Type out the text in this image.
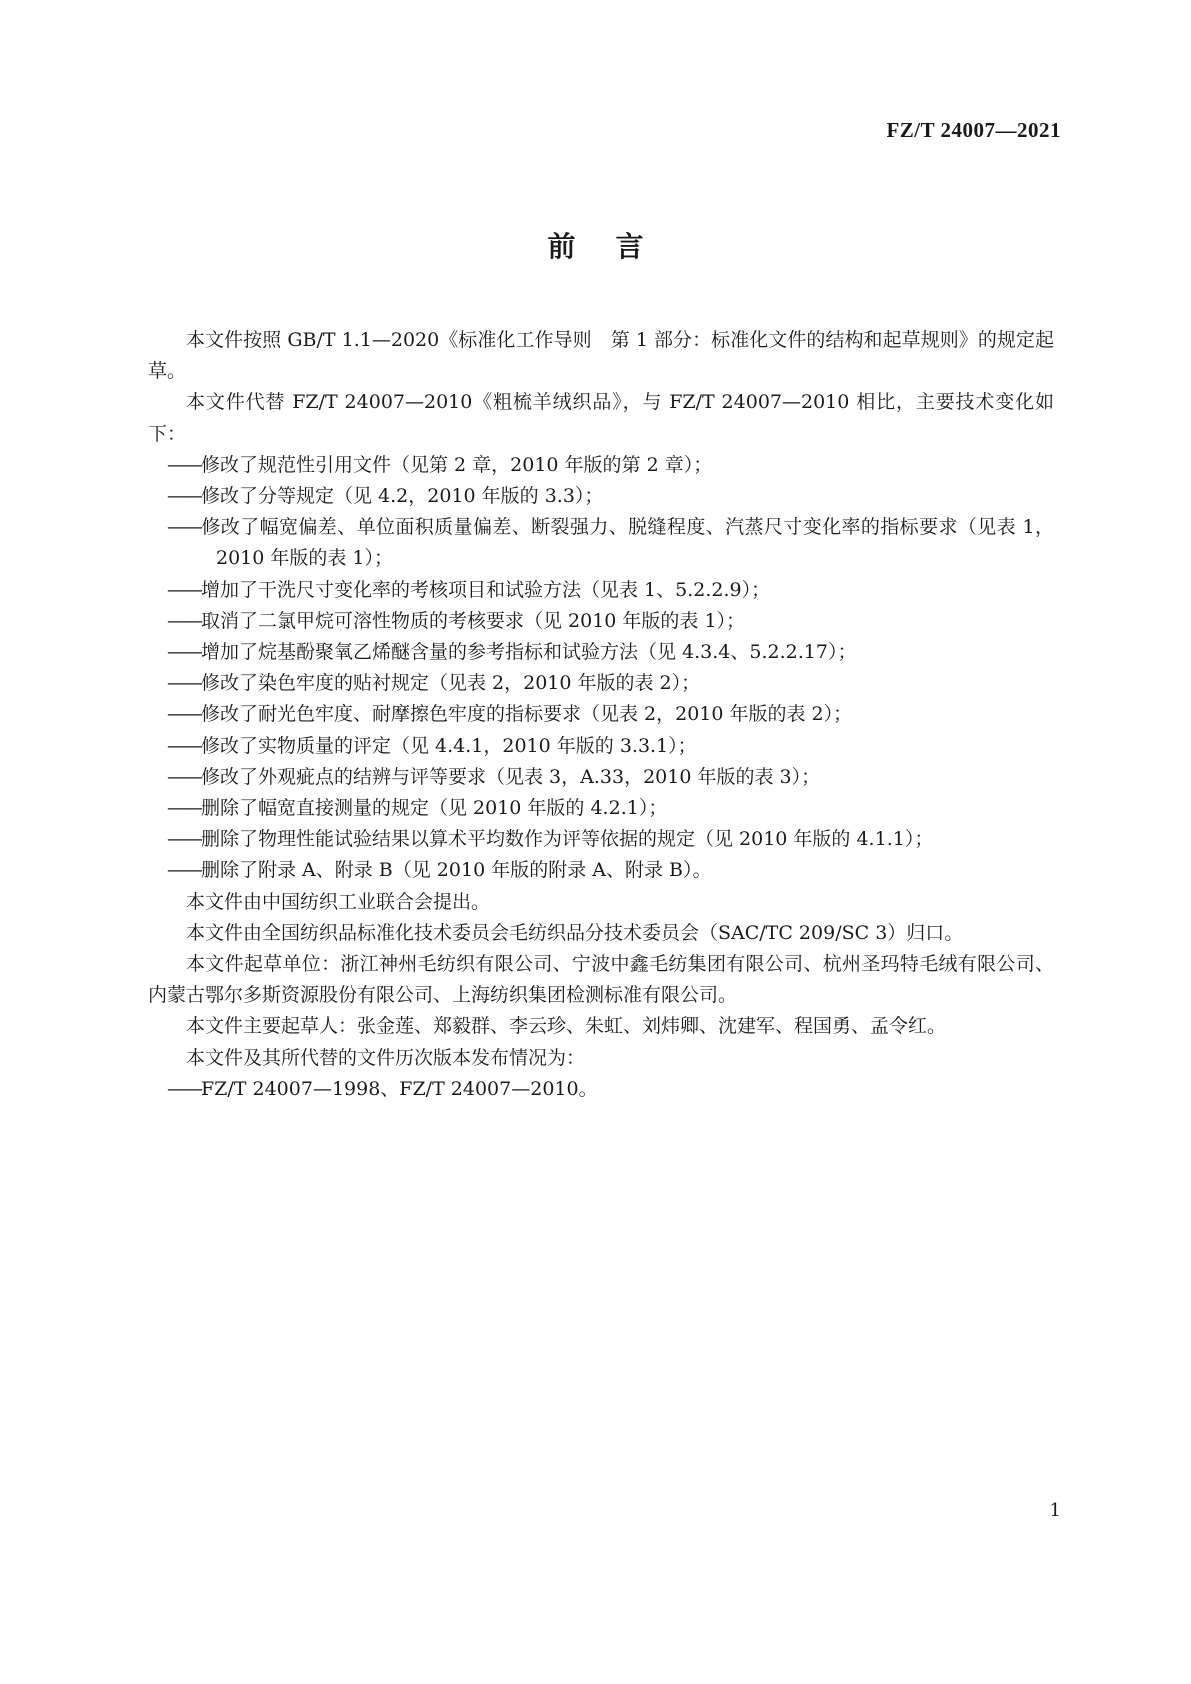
FZ/T 24007—2021
前言

本文件按照 GB/T 1.1—2020《标准化工作导则　第 1 部分：标准化文件的结构和起草规则》的规定起草。

本文件代替 FZ/T 24007—2010《粗梳羊绒织品》，与 FZ/T 24007—2010 相比，主要技术变化如下：

——修改了规范性引用文件（见第 2 章，2010 年版的第 2 章）；

——修改了分等规定（见 4.2，2010 年版的 3.3）；

——修改了幅宽偏差、单位面积质量偏差、断裂强力、脱缝程度、汽蒸尺寸变化率的指标要求（见表 1，2010 年版的表 1）；

——增加了干洗尺寸变化率的考核项目和试验方法（见表 1、5.2.2.9）；

——取消了二氯甲烷可溶性物质的考核要求（见 2010 年版的表 1）；

——增加了烷基酚聚氧乙烯醚含量的参考指标和试验方法（见 4.3.4、5.2.2.17）；

——修改了染色牢度的贴衬规定（见表 2，2010 年版的表 2）；

——修改了耐光色牢度、耐摩擦色牢度的指标要求（见表 2，2010 年版的表 2）；

——修改了实物质量的评定（见 4.4.1，2010 年版的 3.3.1）；

——修改了外观疵点的结辨与评等要求（见表 3，A.33，2010 年版的表 3）；

——删除了幅宽直接测量的规定（见 2010 年版的 4.2.1）；

——删除了物理性能试验结果以算术平均数作为评等依据的规定（见 2010 年版的 4.1.1）；

——删除了附录 A、附录 B（见 2010 年版的附录 A、附录 B）。

本文件由中国纺织工业联合会提出。

本文件由全国纺织品标准化技术委员会毛纺织品分技术委员会（SAC/TC 209/SC 3）归口。

本文件起草单位：浙江神州毛纺织有限公司、宁波中鑫毛纺集团有限公司、杭州圣玛特毛绒有限公司、内蒙古鄂尔多斯资源股份有限公司、上海纺织集团检测标准有限公司。

本文件主要起草人：张金莲、郑毅群、李云珍、朱虹、刘炜卿、沈建军、程国勇、孟令红。

本文件及其所代替的文件历次版本发布情况为：

——FZ/T 24007—1998、FZ/T 24007—2010。

1
